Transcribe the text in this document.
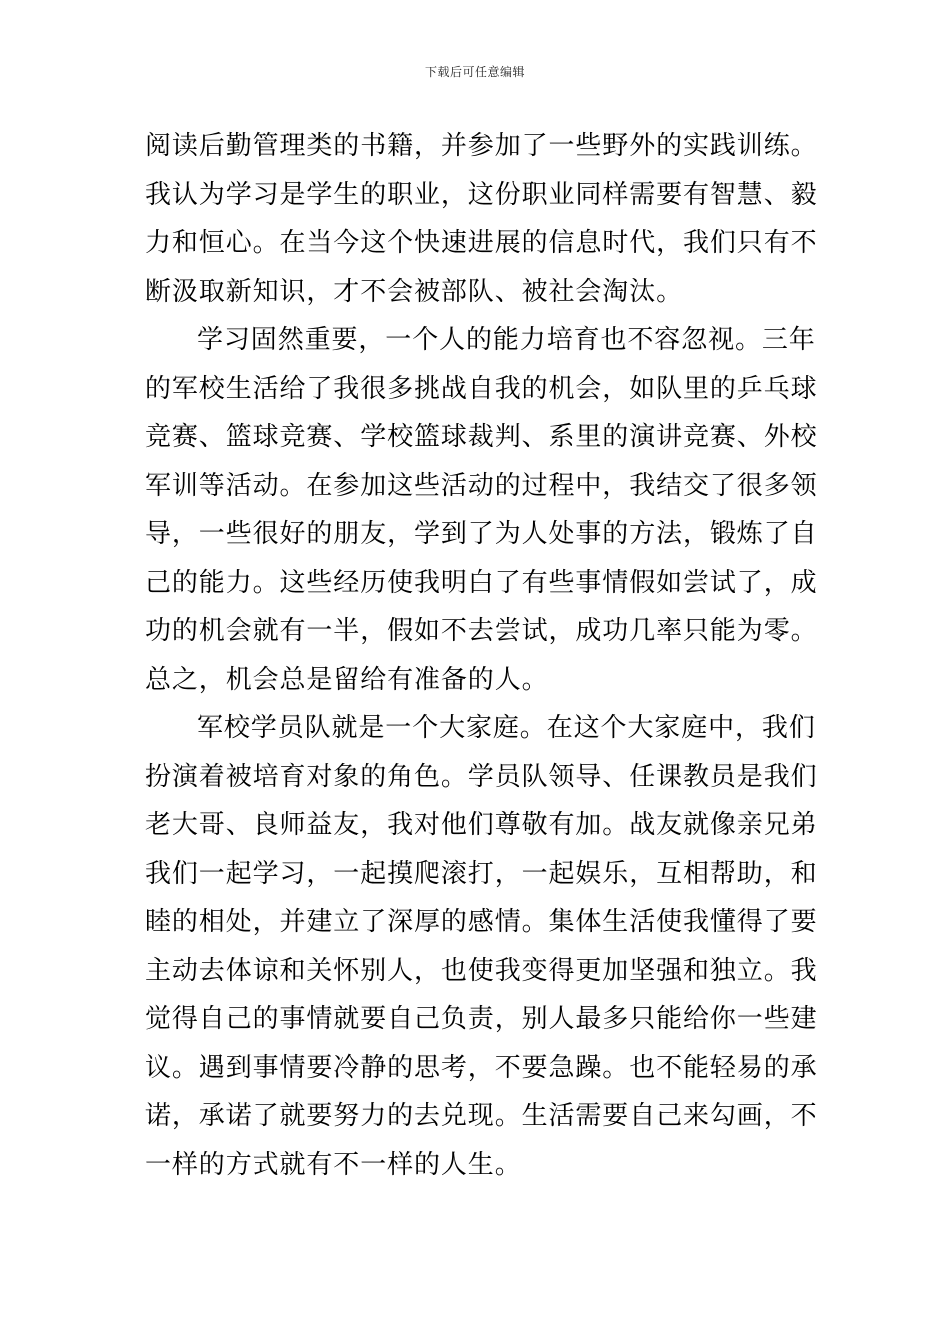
下载后可任意编辑
阅读后勤管理类的书籍，并参加了一些野外的实践训练。
我认为学习是学生的职业，这份职业同样需要有智慧、毅
力和恒心。在当今这个快速进展的信息时代，我们只有不
断汲取新知识，才不会被部队、被社会淘汰。
学习固然重要，一个人的能力培育也不容忽视。三年
的军校生活给了我很多挑战自我的机会，如队里的乒乓球
竞赛、篮球竞赛、学校篮球裁判、系里的演讲竞赛、外校
军训等活动。在参加这些活动的过程中，我结交了很多领
导，一些很好的朋友，学到了为人处事的方法，锻炼了自
己的能力。这些经历使我明白了有些事情假如尝试了，成
功的机会就有一半，假如不去尝试，成功几率只能为零。
总之，机会总是留给有准备的人。
军校学员队就是一个大家庭。在这个大家庭中，我们
扮演着被培育对象的角色。学员队领导、任课教员是我们
老大哥、良师益友，我对他们尊敬有加。战友就像亲兄弟
我们一起学习，一起摸爬滚打，一起娱乐，互相帮助，和
睦的相处，并建立了深厚的感情。集体生活使我懂得了要
主动去体谅和关怀别人，也使我变得更加坚强和独立。我
觉得自己的事情就要自己负责，别人最多只能给你一些建
议。遇到事情要冷静的思考，不要急躁。也不能轻易的承
诺，承诺了就要努力的去兑现。生活需要自己来勾画，不
一样的方式就有不一样的人生。
